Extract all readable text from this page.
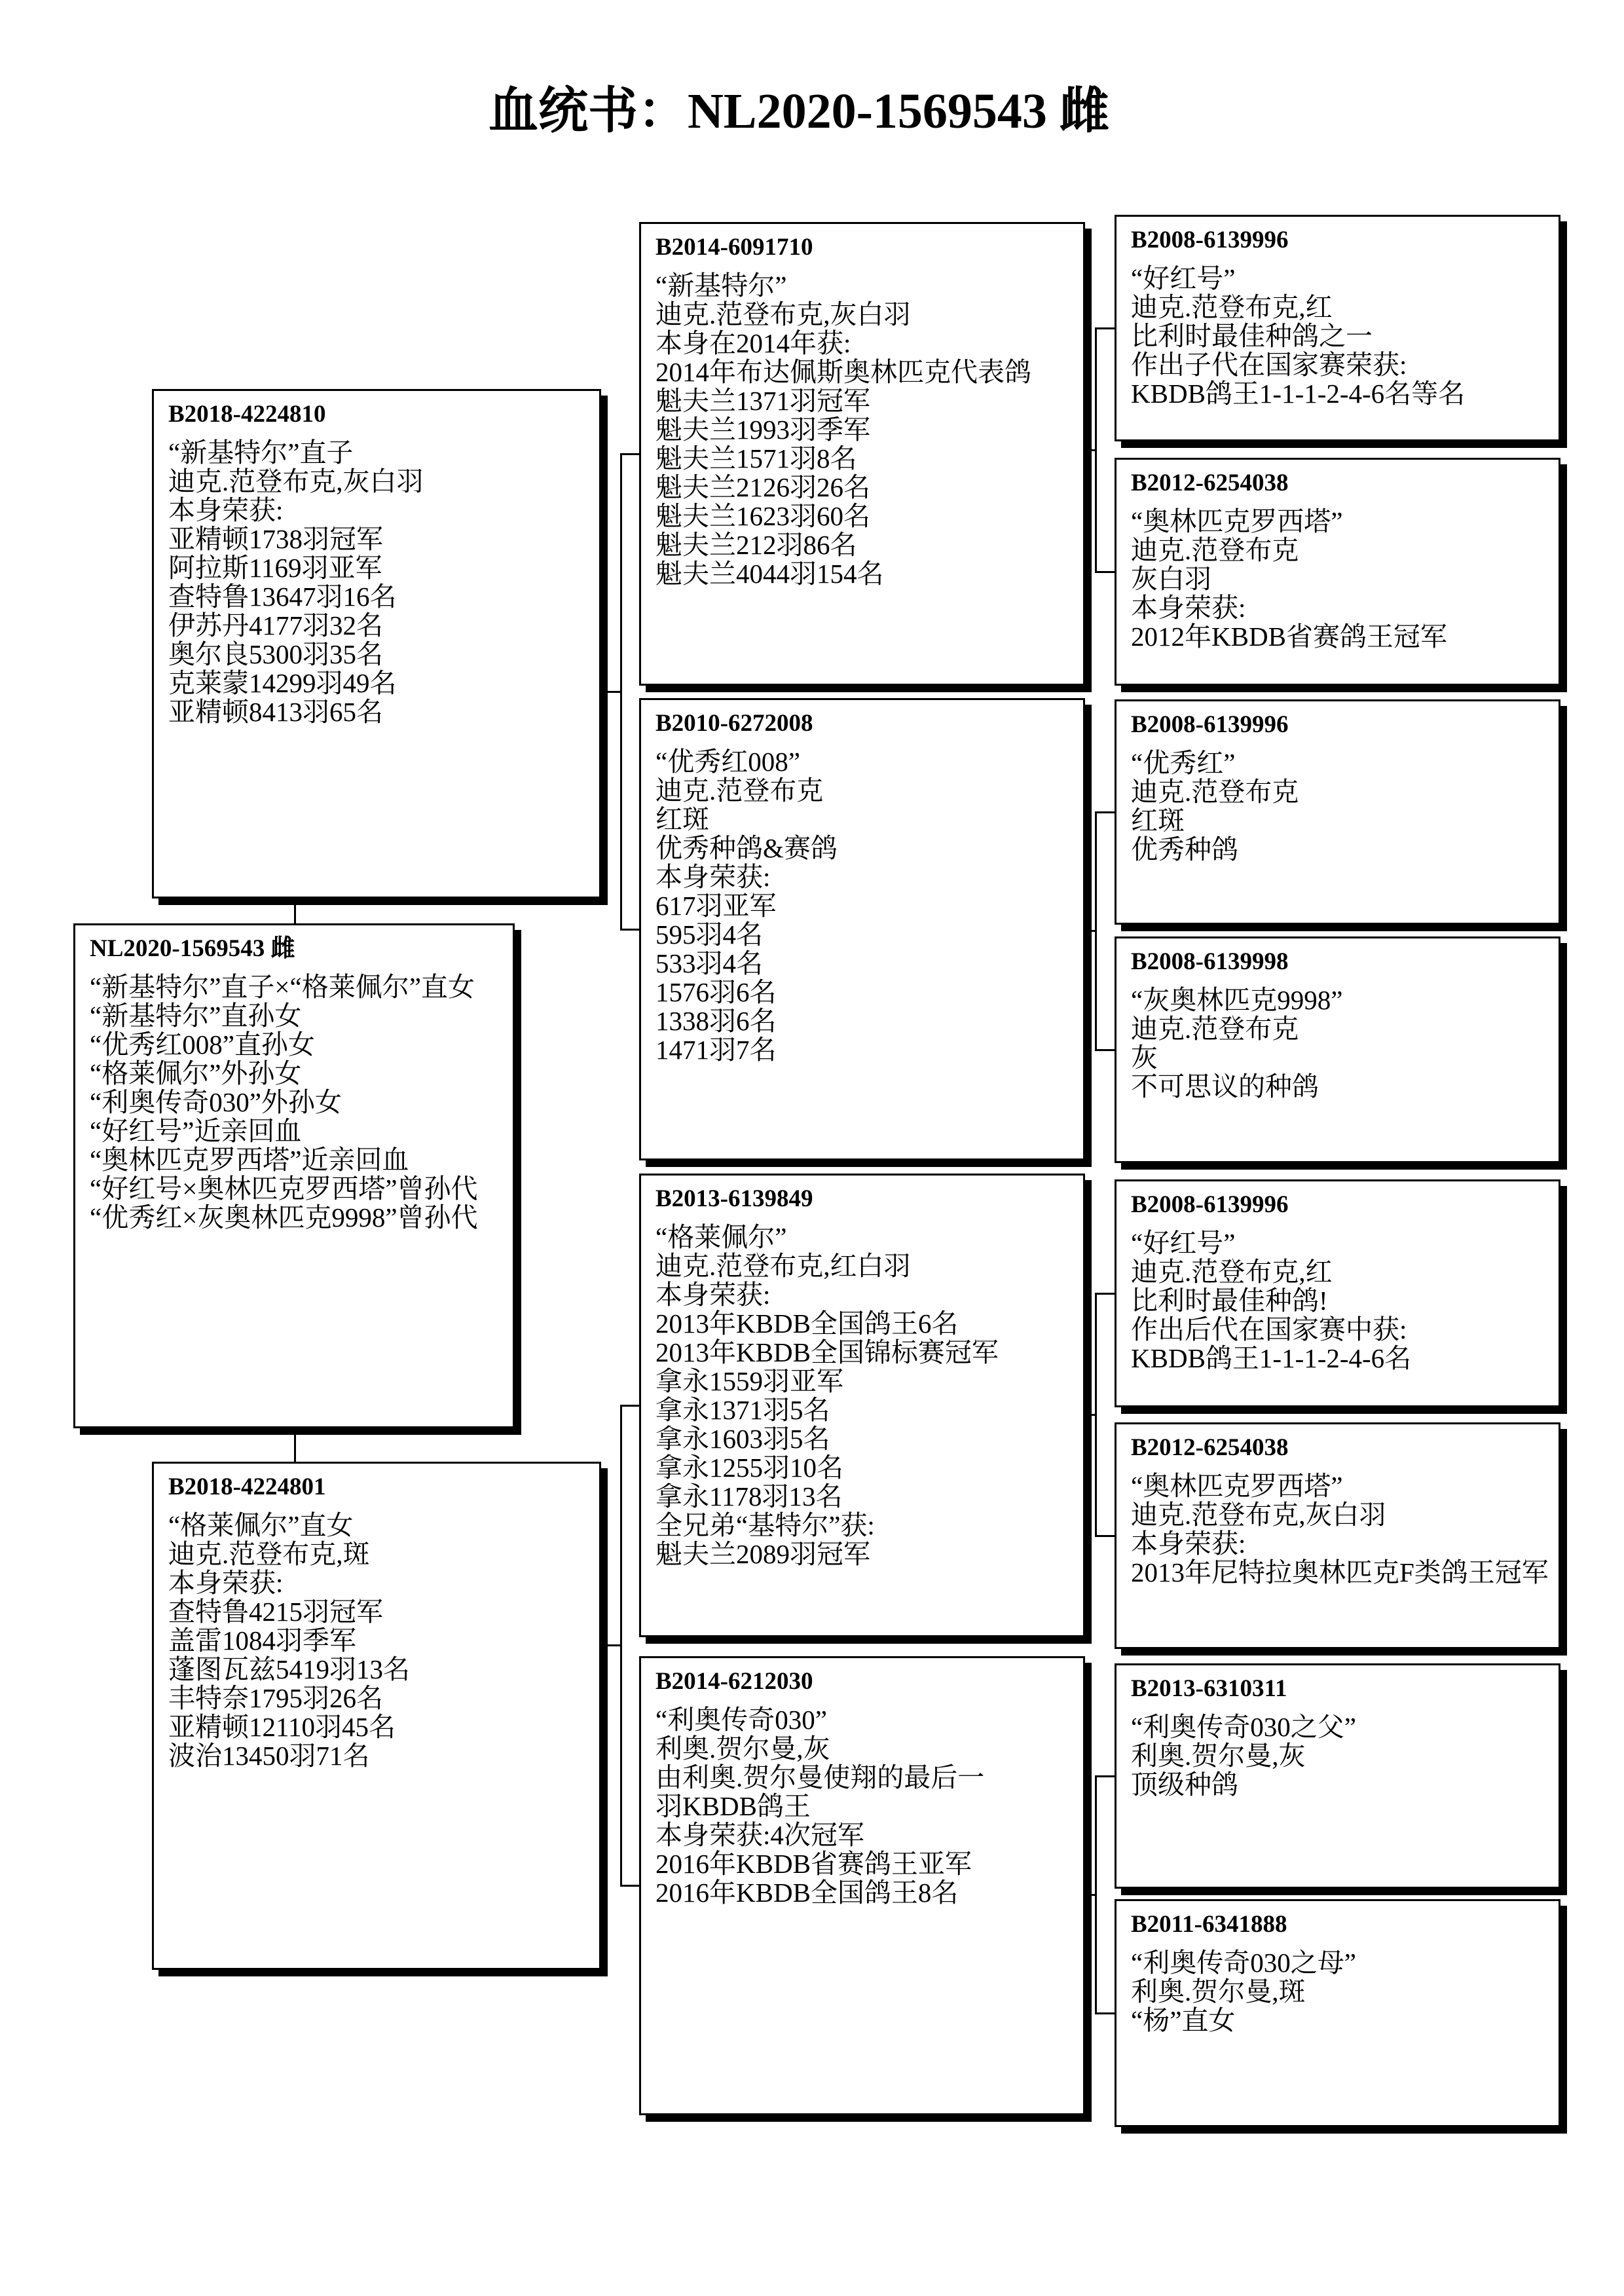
血统书：NL2020-1569543 雌
NL2020-1569543 雌
“新基特尔”直子×“格莱佩尔”直女
“新基特尔”直孙女
“优秀红008”直孙女
“格莱佩尔”外孙女
“利奥传奇030”外孙女
“好红号”近亲回血
“奥林匹克罗西塔”近亲回血
“好红号×奥林匹克罗西塔”曾孙代
“优秀红×灰奥林匹克9998”曾孙代
B2018-4224810
“新基特尔”直子
迪克.范登布克,灰白羽
本身荣获:
亚精顿1738羽冠军
阿拉斯1169羽亚军
查特鲁13647羽16名
伊苏丹4177羽32名
奥尔良5300羽35名
克莱蒙14299羽49名
亚精顿8413羽65名
B2018-4224801
“格莱佩尔”直女
迪克.范登布克,斑
本身荣获:
查特鲁4215羽冠军
盖雷1084羽季军
蓬图瓦兹5419羽13名
丰特奈1795羽26名
亚精顿12110羽45名
波治13450羽71名
B2014-6091710
“新基特尔”
迪克.范登布克,灰白羽
本身在2014年获:
2014年布达佩斯奥林匹克代表鸽
魁夫兰1371羽冠军
魁夫兰1993羽季军
魁夫兰1571羽8名
魁夫兰2126羽26名
魁夫兰1623羽60名
魁夫兰212羽86名
魁夫兰4044羽154名
B2010-6272008
“优秀红008”
迪克.范登布克
红斑
优秀种鸽&赛鸽
本身荣获:
617羽亚军
595羽4名
533羽4名
1576羽6名
1338羽6名
1471羽7名
B2013-6139849
“格莱佩尔”
迪克.范登布克,红白羽
本身荣获:
2013年KBDB全国鸽王6名
2013年KBDB全国锦标赛冠军
拿永1559羽亚军
拿永1371羽5名
拿永1603羽5名
拿永1255羽10名
拿永1178羽13名
全兄弟“基特尔”获:
魁夫兰2089羽冠军
B2014-6212030
“利奥传奇030”
利奥.贺尔曼,灰
由利奥.贺尔曼使翔的最后一
羽KBDB鸽王
本身荣获:4次冠军
2016年KBDB省赛鸽王亚军
2016年KBDB全国鸽王8名
B2008-6139996
“好红号”
迪克.范登布克,红
比利时最佳种鸽之一
作出子代在国家赛荣获:
KBDB鸽王1-1-1-2-4-6名等名
B2012-6254038
“奥林匹克罗西塔”
迪克.范登布克
灰白羽
本身荣获:
2012年KBDB省赛鸽王冠军
B2008-6139996
“优秀红”
迪克.范登布克
红斑
优秀种鸽
B2008-6139998
“灰奥林匹克9998”
迪克.范登布克
灰
不可思议的种鸽
B2008-6139996
“好红号”
迪克.范登布克,红
比利时最佳种鸽!
作出后代在国家赛中获:
KBDB鸽王1-1-1-2-4-6名
B2012-6254038
“奥林匹克罗西塔”
迪克.范登布克,灰白羽
本身荣获:
2013年尼特拉奥林匹克F类鸽王冠军
B2013-6310311
“利奥传奇030之父”
利奥.贺尔曼,灰
顶级种鸽
B2011-6341888
“利奥传奇030之母”
利奥.贺尔曼,斑
“杨”直女
